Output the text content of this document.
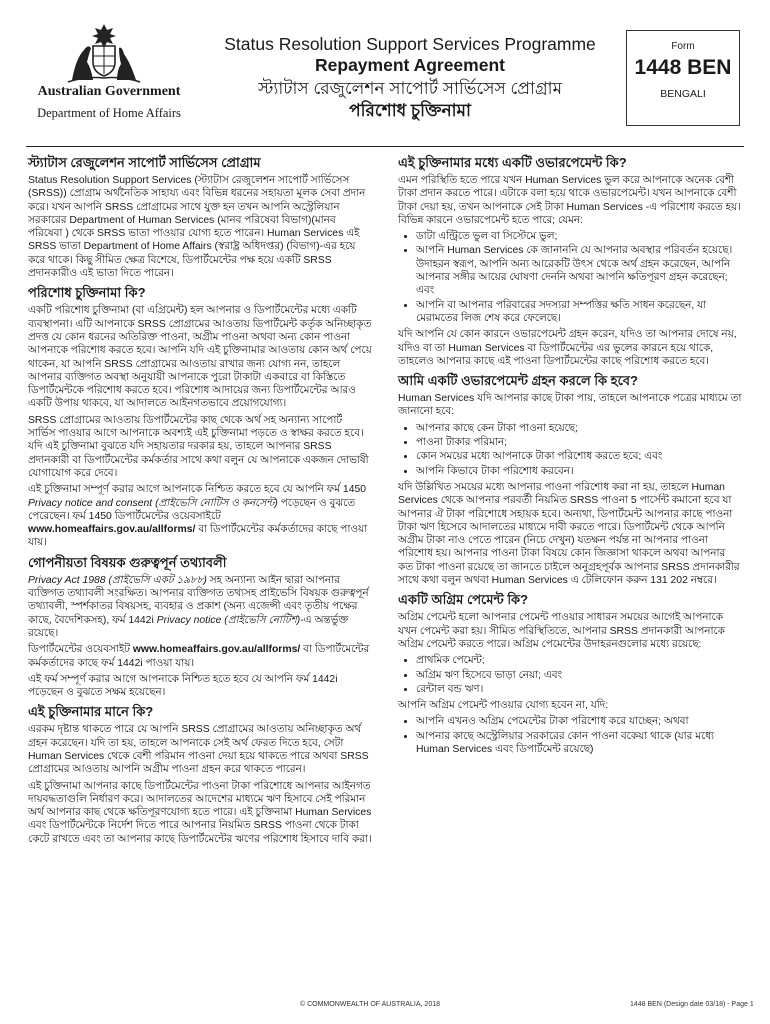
Australian Government
Department of Home Affairs
Status Resolution Support Services Programme
Repayment Agreement
স্ট্যাটাস রেজুলেশন সাপোর্ট সার্ভিসেস প্রোগ্রাম
পরিশোধ চুক্তিনামা
Form
1448 BEN
BENGALI
স্ট্যাটাস রেজুলেশন সাপোর্ট সার্ভিসেস প্রোগ্রাম

Status Resolution Support Services (স্ট্যাটাস রেজুলেশন সাপোর্ট সার্ভিসেস (SRSS)) প্রোগ্রাম অর্থনৈতিক সাহায্য এবং বিভিন্ন ধরনের সহায়তা মূলক সেবা প্রদান করে। যখন আপনি SRSS প্রোগ্রামের সাথে যুক্ত হন তখন আপনি অস্ট্রেলিয়ান সরকারের Department of Human Services (মানব পরিষেবা বিভাগ)(মানব পরিষেবা ) থেকে SRSS ভাতা পাওয়ার যোগ্য হতে পারেন। Human Services এই SRSS ভাতা Department of Home Affairs (স্বরাষ্ট্র অধিদপ্তর) (বিভাগ)-এর হয়ে করে থাকে। কিছু সীমিত ক্ষেত্র বিশেষে, ডিপার্টমেন্টের পক্ষ হয়ে একটি SRSS প্রদানকারীও এই ভাতা দিতে পারেন।

পরিশোধ চুক্তিনামা কি?

একটি পরিশোধ চুক্তিনামা (বা এগ্রিমেন্ট) হল আপনার ও ডিপার্টমেন্টের মধ্যে একটি ব্যবস্থাপনা। এটি আপনাকে SRSS প্রোগ্রামের আওতায় ডিপার্টমেন্ট কর্তৃক অনিচ্ছাকৃত প্রদত্ত যে কোন ধরনের অতিরিক্ত পাওনা, অগ্রীম পাওনা অথবা অন্য কোন পাওনা আপনাকে পরিশোধ করতে হবে। আপনি যদি এই চুক্তিনামার আওতায় কোন অর্থ পেয়ে থাকেন, যা আপনি SRSS প্রোগ্রামের আওতায় রাখার জন্য যোগ্য নন, তাহলে আপনার ব্যক্তিগত অবস্থা অনুযায়ী আপনাকে পুরো টাকাটা একবারে বা কিস্তিতে ডিপার্টমেন্টকে পরিশোধ করতে হবে। পরিশোধ আদায়ের জন্য ডিপার্টমেন্টের আরও একটি উপায় থাকবে, যা আদালতে আইনগতভাবে প্রয়োগযোগ্য।

SRSS প্রোগ্রামের আওতায় ডিপার্টমেন্টের কাছ থেকে অর্থ সহ অন্যান্য সাপোর্ট সার্ভিস পাওয়ার আগে আপনাকে অবশ্যই এই চুক্তিনামা পড়তে ও স্বাক্ষর করতে হবে। যদি এই চুক্তিনামা বুঝতে যদি সহায়তার দরকার হয়, তাহলে আপনার SRSS প্রদানকারী বা ডিপার্টমেন্টের কর্মকর্তার সাথে কথা বলুন যে আপনাকে একজন দোভাষী যোগাযোগ করে দেবে।

এই চুক্তিনামা সম্পূর্ণ করার আগে আপনাকে নিশ্চিত করতে হবে যে আপনি ফর্ম 1450 Privacy notice and consent (প্রাইভেসি নোটিস ও কনসেন্ট) পড়েছেন ও বুঝতে পেরেছেন। ফর্ম 1450 ডিপার্টমেন্টের ওয়েবসাইটে www.homeaffairs.gov.au/allforms/ বা ডিপার্টমেন্টের কর্মকর্তাদের কাছে পাওয়া যায়।

গোপনীয়তা বিষয়ক গুরুত্বপূর্ন তথ্যাবলী

Privacy Act 1988 (প্রাইভেসি একট ১৯৮৮) সহ অন্যান্য আইন দ্বারা আপনার ব্যক্তিগত তথ্যাবলী সংরক্ষিত। আপনার ব্যক্তিগত তথ্যসহ প্রাইভেসি বিষয়ক গুরুত্বপূর্ন তথ্যাবলী, স্পর্শকাতর বিষয়সহ, ব্যবহার ও প্রকাশ (অন্য এজেন্সী এবং তৃতীয় পক্ষের কাছে, বৈদেশিকসহ), ফর্ম 1442i Privacy notice (প্রাইভেসি নোটিশ)-এ অন্তর্ভুক্ত রয়েছে।

ডিপার্টমেন্টের ওয়েবসাইট www.homeaffairs.gov.au/allforms/ বা ডিপার্টমেন্টের কর্মকর্তাদের কাছে ফর্ম 1442i পাওয়া যায়।

এই ফর্ম সম্পূর্ণ করার আগে আপনাকে নিশ্চিত হতে হবে যে আপনি ফর্ম 1442i পড়েছেন ও বুঝতে সক্ষম হয়েছেন।

এই চুক্তিনামার মানে কি?

এরকম দৃষ্টান্ত থাকতে পারে যে আপনি SRSS প্রোগ্রামের আওতায় অনিচ্ছাকৃত অর্থ গ্রহন করেছেন। যদি তা হয়, তাহলে আপনাকে সেই অর্থ ফেরত দিতে হবে, সেটা Human Services থেকে বেশী পরিমান পাওনা দেয়া হয়ে থাকতে পারে অথবা SRSS প্রোগ্রামের আওতায় আপনি অগ্রীম পাওনা গ্রহন করে থাকতে পারেন।

এই চুক্তিনামা আপনার কাছে ডিপার্টমেন্টের পাওনা টাকা পরিশোধে আপনার আইনগত দায়বদ্ধতাগুলি নির্ধারণ করে। আদালতের আদেশের মাধ্যমে ঋণ হিসাবে সেই পরিমান অর্থ আপনার কাছ থেকে ক্ষতিপূরণযোগ্য হতে পারে। এই চুক্তিনামা Human Services এবং ডিপার্টমেন্টকে নির্দেশ দিতে পারে আপনার নিয়মিত SRSS পাওনা থেকে টাকা কেটে রাখতে এবং তা আপনার কাছে ডিপার্টমেন্টের ঋণের পরিশোধ হিসাবে দাবি করা।

এই চুক্তিনামার মধ্যে একটি ওভারপেমেন্ট কি?

এমন পরিস্থিতি হতে পারে যখন Human Services ভুল করে আপনাকে অনেক বেশী টাকা প্রদান করতে পারে। এটাকে বলা হয়ে থাকে ওভারপেমেন্ট। যখন আপনাকে বেশী টাকা দেয়া হয়, তখন আপনাকে সেই টাকা Human Services -এ পরিশোধ করতে হয়। বিভিন্ন কারনে ওভারপেমেন্ট হতে পারে; যেমন:

• ডাটা এন্ট্রিতে ভুল বা সিস্টেমে ভুল;
• আপনি Human Services কে জানাননি যে আপনার অবস্থার পরিবর্তন হয়েছে। উদাহরন স্বরূপ, আপনি অন্য আরেকটি উৎস থেকে অর্থ গ্রহন করেছেন, আপনি আপনার সঙ্গীর আয়ের ঘোষণা দেননি অথবা আপনি ক্ষতিপূরণ গ্রহন করেছেন; এবং
• আপনি বা আপনার পরিবারের সদস্যরা সম্পত্তির ক্ষতি সাধন করেছেন, যা মেরামতের লিজ শেষ করে ফেলেছে।

যদি আপনি যে কোন কারনে ওভারপেমেন্ট গ্রহন করেন, যদিও তা আপনার দোষে নয়, যদিও বা তা Human Services বা ডিপার্টমেন্টের এর ভুলের কারনে হয়ে থাকে, তাহলেও আপনার কাছে এই পাওনা ডিপার্টমেন্টের কাছে পরিশোধ করতে হবে।

আমি একটি ওভারপেমেন্ট গ্রহন করলে কি হবে?

Human Services যদি আপনার কাছে টাকা পায়, তাহলে আপনাকে পত্রের মাধ্যমে তা জানানো হবে:

• আপনার কাছে কেন টাকা পাওনা হয়েছে;
• পাওনা টাকার পরিমান;
• কোন সময়ের মধ্যে আপনাকে টাকা পরিশোধ করতে হবে; এবং
• আপনি কিভাবে টাকা পরিশোধ করবেন।

যদি উল্লিখিত সময়ের মধ্যে আপনার পাওনা পরিশোধ করা না হয়, তাহলে Human Services থেকে আপনার পরবর্তী নিয়মিত SRSS পাওনা 5 পার্সেন্ট কমানো হবে যা আপনার ঐ টাকা পরিশোধে সহায়ক হবে। অন্যথা, ডিপার্টমেন্ট আপনার কাছে পাওনা টাকা ঋণ হিসেবে আদালতের মাধ্যমে দাবী করতে পারে। ডিপার্টমেন্ট থেকে আপনি অগ্রীম টাকা নাও পেতে পারেন (নিচে দেখুন) যতক্ষন পর্যন্ত না আপনার পাওনা পরিশোধ হয়। আপনার পাওনা টাকা বিষয়ে কোন জিজ্ঞাসা থাকলে অথবা আপনার কত টাকা পাওনা রয়েছে তা জানতে চাইলে অনুগ্রহপূর্বক আপনার SRSS প্রদানকারীর সাথে কথা বলুন অথবা Human Services এ টেলিফোন করুন 131 202 নম্বরে।

একটি অগ্রিম পেমেন্ট কি?

অগ্রিম পেমেন্ট হলো আপনার পেমেন্ট পাওয়ার সাধারন সময়ের আগেই আপনাকে যখন পেমেন্ট করা হয়। সীমিত পরিস্থিতিতে, আপনার SRSS প্রদানকারী আপনাকে অগ্রিম পেমেন্ট করতে পারে। অগ্রিম পেমেন্টের উদাহরনগুলোর মধ্যে রয়েছে:

• প্রাথমিক পেমেন্ট;
• অগ্রিম ঋণ হিসেবে ভাড়া নেয়া; এবং
• রেন্টাল বন্ড ঋণ।

আপনি অগ্রিম পেমেন্ট পাওয়ার যোগ্য হবেন না, যদি:

• আপনি এখনও অগ্রিম পেমেন্টের টাকা পরিশোধ করে যাচ্ছেন; অথবা
• আপনার কাছে অস্ট্রেলিয়ার সরকারের কোন পাওনা বকেয়া থাকে (যার মধ্যে Human Services এবং ডিপার্টমেন্ট রয়েছে)
© COMMONWEALTH OF AUSTRALIA, 2018	1448 BEN (Design date 03/18) - Page 1
